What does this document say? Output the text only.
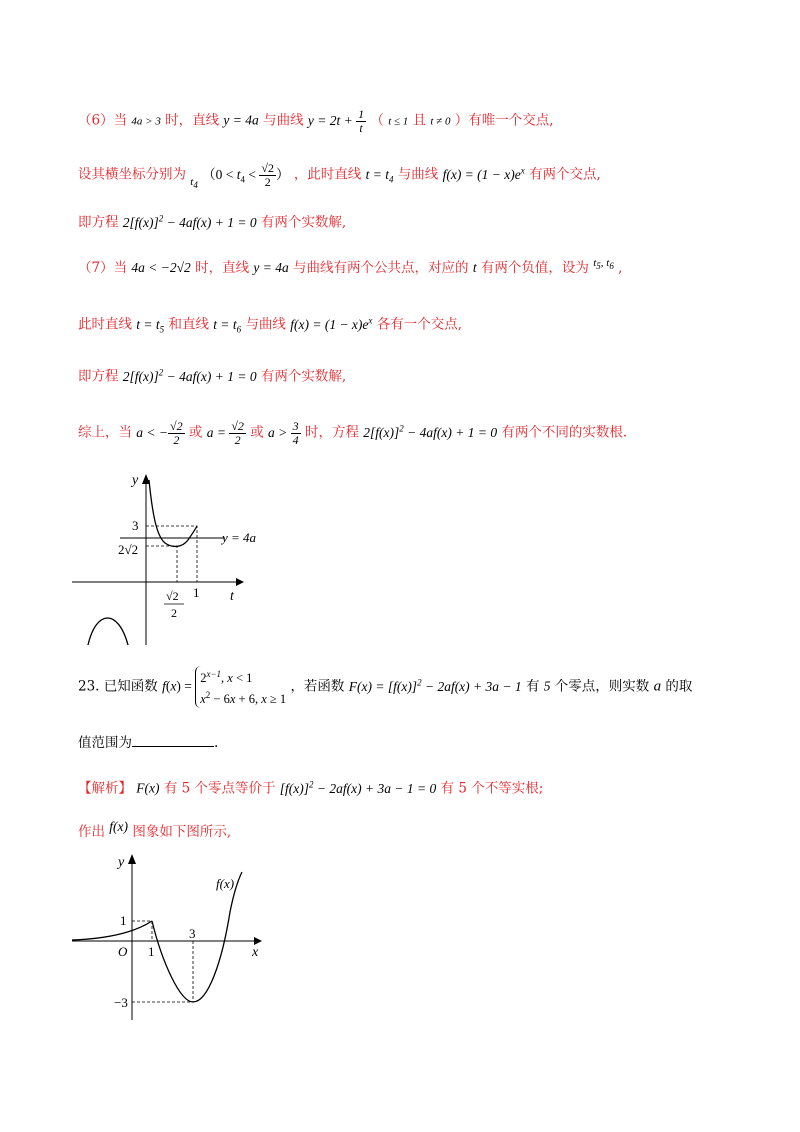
（6）当 4a > 3 时，直线 y = 4a 与曲线 $y = 2t + \frac{1}{t}$ （ t ≤ 1 且 t ≠ 0 ）有唯一个交点,
设其横坐标分别为 $_{t_4}$ （$0 < t_4 < \frac{√2}{2}$ ） ，此时直线 $t = t_4$ 与曲线 $f(x) = (1 - x)e^x$ 有两个交点,
即方程 $2[f(x)]^2 - 4af(x) + 1 = 0$ 有两个实数解,
（7）当 4a < −2√2 时，直线 y = 4a 与曲线有两个公共点，对应的 t 有两个负值，设为 $^{t_5, t_6}$ ,
此时直线 $t = t_5$ 和直线 $t = t_6$ 与曲线 $f(x) = (1 - x)e^x$ 各有一个交点,
即方程 $2[f(x)]^2 - 4af(x) + 1 = 0$ 有两个实数解,
综上，当 a < − $\frac{√2}{2}$ 或 $a = \frac{√2}{2}$ 或 $a > \frac{3}{4}$ 时，方程 $2[f(x)]^2 - 4af(x) + 1 = 0$ 有两个不同的实数根.
y
t
y = 4a
3
2√2
1
√2
2
23. 已知函数 f(x) =
$2^{x-1}$, x < 1
$x^2 - 6x + 6$, x ≥ 1
，若函数 $F(x) = [f(x)]^2 - 2af(x) + 3a - 1$ 有 5 个零点，则实数 a 的取
值范围为	.
【解析】 F(x) 有 5 个零点等价于 $[f(x)]^2 - 2af(x) + 3a - 1 = 0$ 有 5 个不等实根;
作出 f(x) 图象如下图所示,
y
x
O
1
1
3
−3
f(x)
